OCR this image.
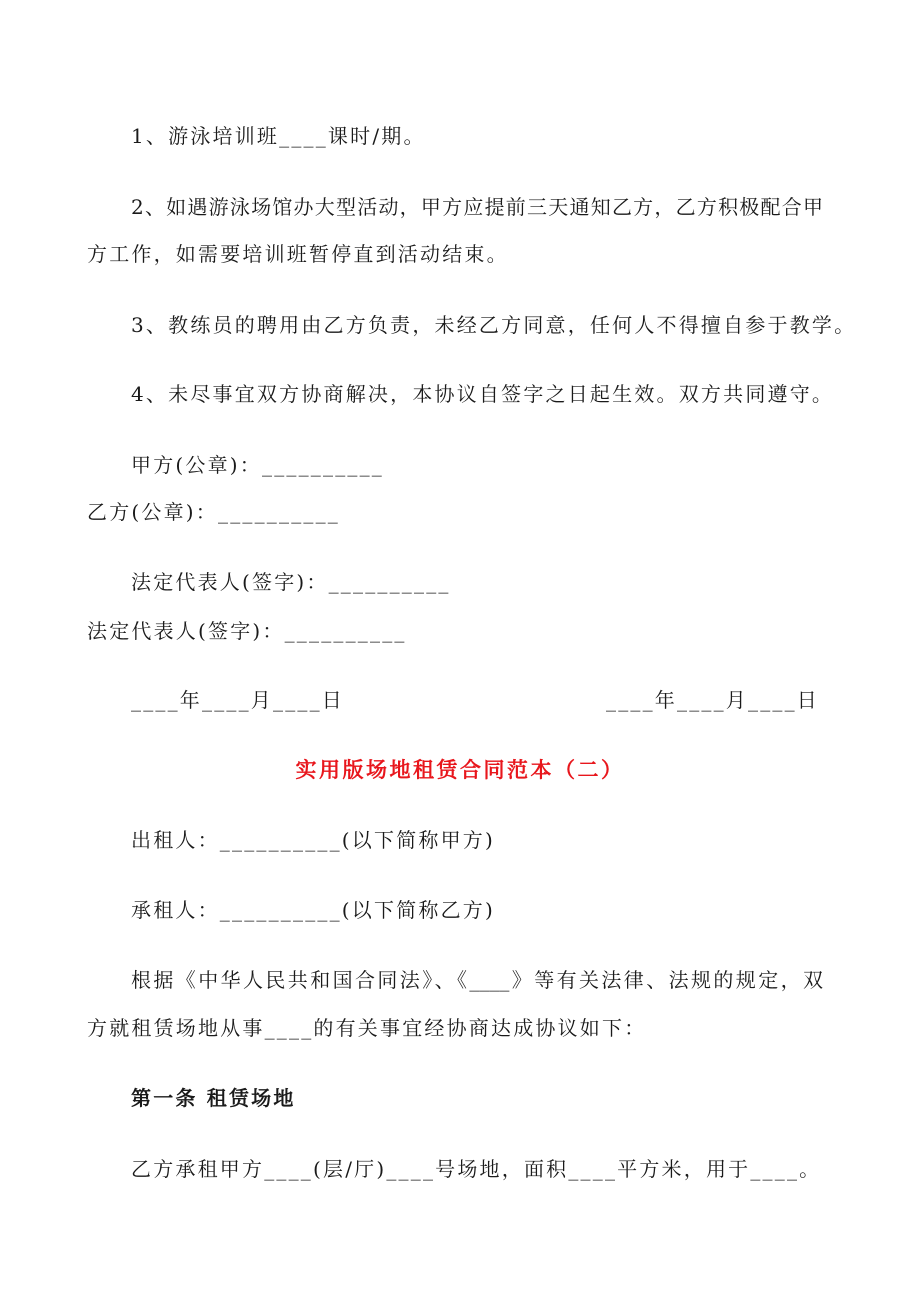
1、游泳培训班____课时/期。
2、如遇游泳场馆办大型活动，甲方应提前三天通知乙方，乙方积极配合甲
方工作，如需要培训班暂停直到活动结束。
3、教练员的聘用由乙方负责，未经乙方同意，任何人不得擅自参于教学。
4、未尽事宜双方协商解决，本协议自签字之日起生效。双方共同遵守。
甲方(公章)：__________
乙方(公章)：__________
法定代表人(签字)：__________
法定代表人(签字)：__________
____年____月____日	____年____月____日
实用版场地租赁合同范本（二）
出租人：__________(以下简称甲方)
承租人：__________(以下简称乙方)
根据《中华人民共和国合同法》、《____》等有关法律、法规的规定，双
方就租赁场地从事____的有关事宜经协商达成协议如下：
第一条 租赁场地
乙方承租甲方____(层/厅)____号场地，面积____平方米，用于____。
